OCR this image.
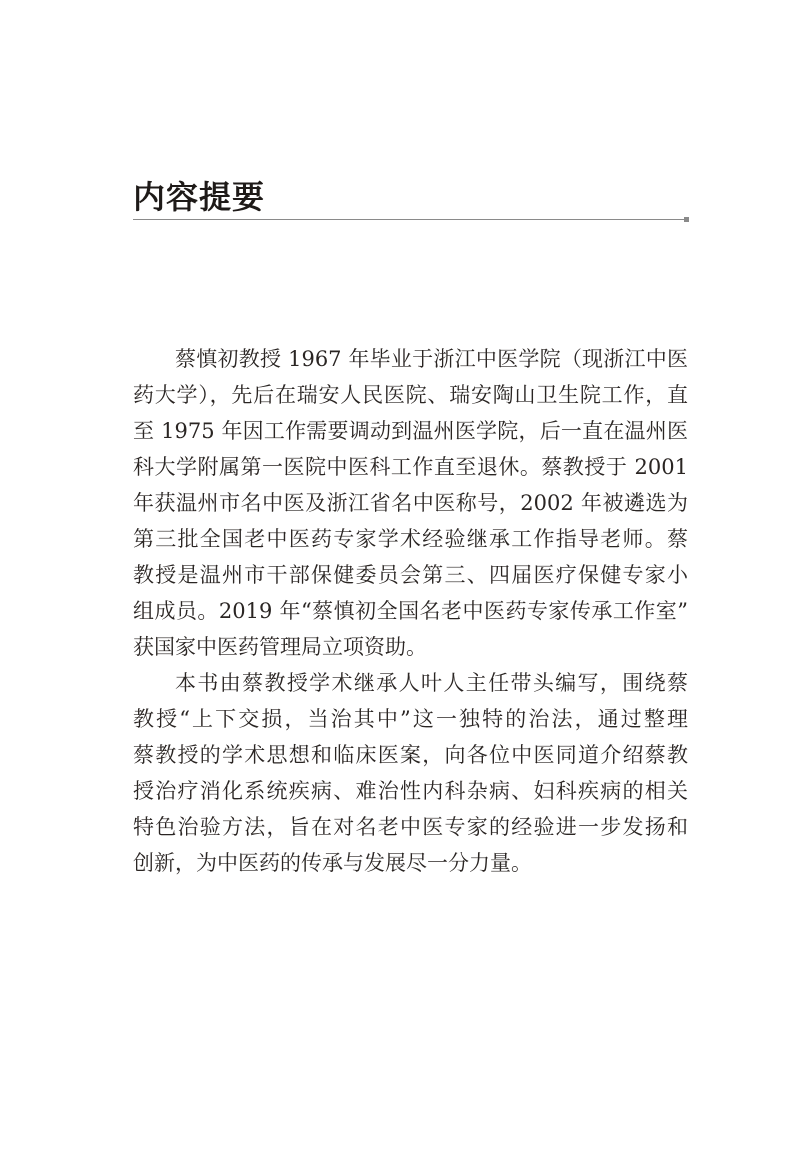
内容提要
蔡慎初教授 1967 年毕业于浙江中医学院（现浙江中医
药大学），先后在瑞安人民医院、瑞安陶山卫生院工作，直
至 1975 年因工作需要调动到温州医学院，后一直在温州医
科大学附属第一医院中医科工作直至退休。蔡教授于 2001
年获温州市名中医及浙江省名中医称号，2002 年被遴选为
第三批全国老中医药专家学术经验继承工作指导老师。蔡
教授是温州市干部保健委员会第三、四届医疗保健专家小
组成员。2019 年“蔡慎初全国名老中医药专家传承工作室”
获国家中医药管理局立项资助。
本书由蔡教授学术继承人叶人主任带头编写，围绕蔡
教授“上下交损，当治其中”这一独特的治法，通过整理
蔡教授的学术思想和临床医案，向各位中医同道介绍蔡教
授治疗消化系统疾病、难治性内科杂病、妇科疾病的相关
特色治验方法，旨在对名老中医专家的经验进一步发扬和
创新，为中医药的传承与发展尽一分力量。
